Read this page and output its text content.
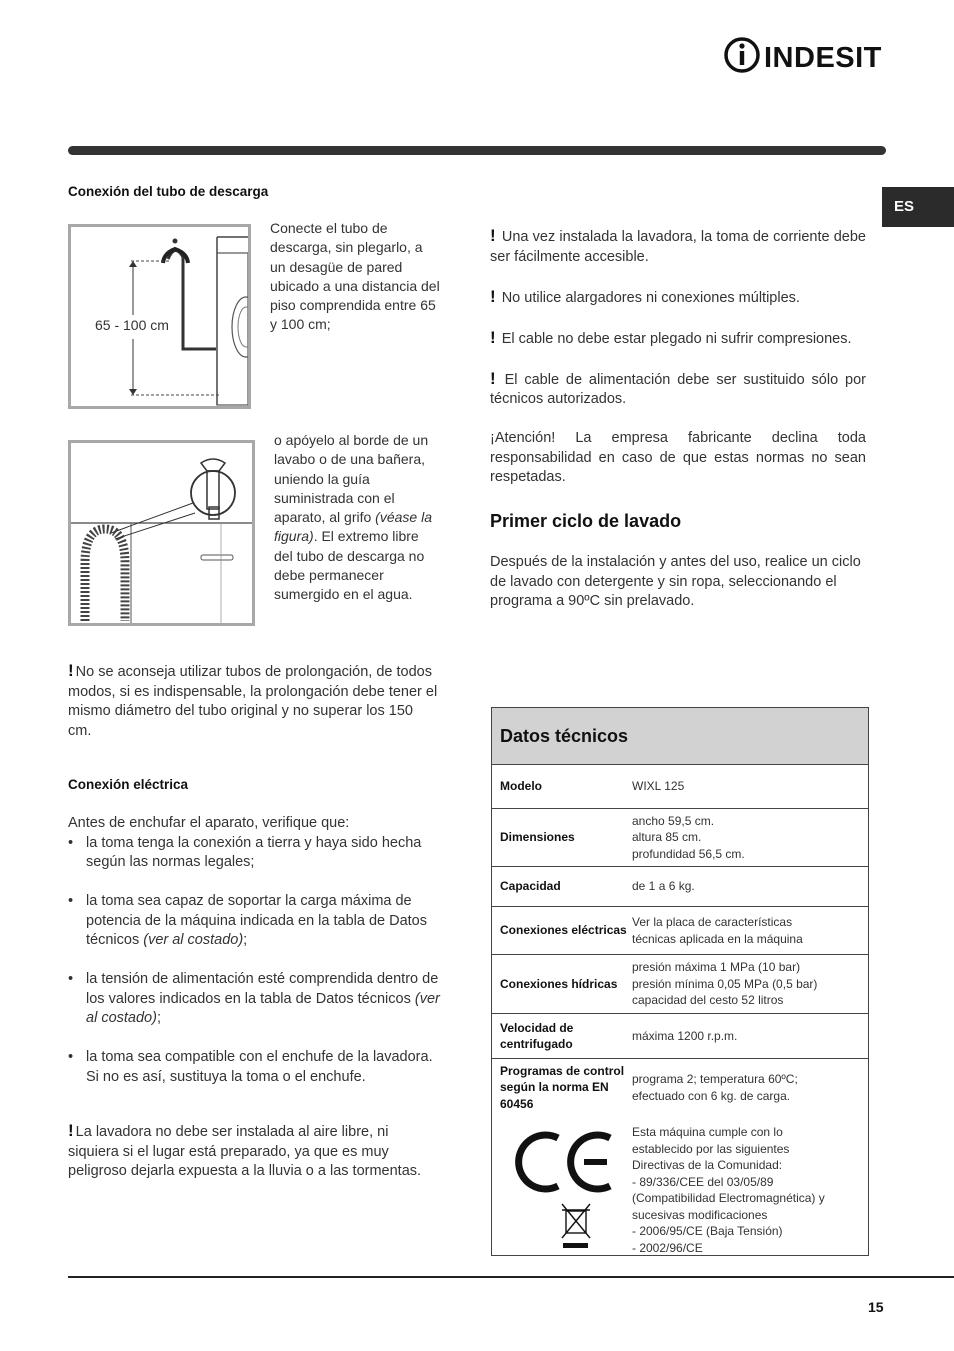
INDESIT
ES
Conexión del tubo de descarga
65 - 100 cm
Conecte el tubo de descarga, sin plegarlo, a un desagüe de pared ubicado a una distancia del piso comprendida entre 65 y 100 cm;
o apóyelo al borde de un lavabo o de una bañera, uniendo la guía suministrada con el aparato, al grifo (véase la figura). El extremo libre del tubo de descarga no debe permanecer sumergido en el agua.
! No se aconseja utilizar tubos de prolongación, de todos modos, si es indispensable, la prolongación debe tener el mismo diámetro del tubo original y no superar los 150 cm.
Conexión eléctrica
Antes de enchufar el aparato, verifique que:
• la toma tenga la conexión a tierra y haya sido hecha según las normas legales;
• la toma sea capaz de soportar la carga máxima de potencia de la máquina indicada en la tabla de Datos técnicos (ver al costado);
• la tensión de alimentación esté comprendida dentro de los valores indicados en la tabla de Datos técnicos (ver al costado);
• la toma sea compatible con el enchufe de la lavadora. Si no es así, sustituya la toma o el enchufe.
! La lavadora no debe ser instalada al aire libre, ni siquiera si el lugar está preparado, ya que es muy peligroso dejarla expuesta a la lluvia o a las tormentas.
! Una vez instalada la lavadora, la toma de corriente debe ser fácilmente accesible.
! No utilice alargadores ni conexiones múltiples.
! El cable no debe estar plegado ni sufrir compresiones.
! El cable de alimentación debe ser sustituido sólo por técnicos autorizados.
¡Atención! La empresa fabricante declina toda responsabilidad en caso de que estas normas no sean respetadas.
Primer ciclo de lavado
Después de la instalación y antes del uso, realice un ciclo de lavado con detergente y sin ropa, seleccionando el programa a 90ºC sin prelavado.
Datos técnicos
Modelo	WIXL 125
Dimensiones
ancho 59,5 cm.
altura 85 cm.
profundidad 56,5 cm.
Capacidad	de 1 a 6 kg.
Conexiones eléctricas
Ver la placa de características
técnicas aplicada en la máquina
Conexiones hídricas
presión máxima 1 MPa (10 bar)
presión mínima 0,05 MPa (0,5 bar)
capacidad del cesto 52 litros
Velocidad de centrifugado
máxima 1200 r.p.m.
Programas de control según la norma EN 60456
programa 2; temperatura 60ºC;
efectuado con 6 kg. de carga.
Esta máquina cumple con lo
establecido por las siguientes
Directivas de la Comunidad:
- 89/336/CEE del 03/05/89
(Compatibilidad Electromagnética) y
sucesivas modificaciones
- 2006/95/CE (Baja Tensión)
- 2002/96/CE
15
